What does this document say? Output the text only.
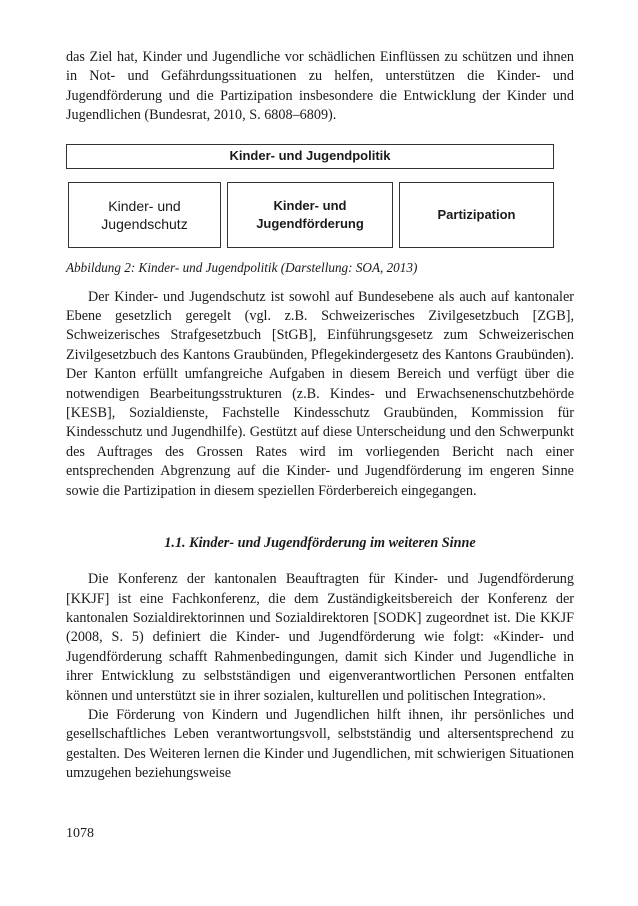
das Ziel hat, Kinder und Jugendliche vor schädlichen Einflüssen zu schützen und ihnen in Not- und Gefährdungssituationen zu helfen, unterstützen die Kinder- und Jugendförderung und die Partizipation insbesondere die Entwicklung der Kinder und Jugendlichen (Bundesrat, 2010, S. 6808–6809).

Kinder- und Jugendpolitik
Kinder- und
Jugendschutz
Kinder- und
Jugendförderung
Partizipation

Abbildung 2: Kinder- und Jugendpolitik (Darstellung: SOA, 2013)

Der Kinder- und Jugendschutz ist sowohl auf Bundesebene als auch auf kantonaler Ebene gesetzlich geregelt (vgl. z.B. Schweizerisches Zivilgesetzbuch [ZGB], Schweizerisches Strafgesetzbuch [StGB], Einführungsgesetz zum Schweizerischen Zivilgesetzbuch des Kantons Graubünden, Pflegekindergesetz des Kantons Graubünden). Der Kanton erfüllt umfangreiche Aufgaben in diesem Bereich und verfügt über die notwendigen Bearbeitungsstrukturen (z.B. Kindes- und Erwachsenenschutzbehörde [KESB], Sozialdienste, Fachstelle Kindesschutz Graubünden, Kommission für Kindesschutz und Jugendhilfe). Gestützt auf diese Unterscheidung und den Schwerpunkt des Auftrages des Grossen Rates wird im vorliegenden Bericht nach einer entsprechenden Abgrenzung auf die Kinder- und Jugendförderung im engeren Sinne sowie die Partizipation in diesem speziellen Förderbereich eingegangen.

1.1. Kinder- und Jugendförderung im weiteren Sinne

Die Konferenz der kantonalen Beauftragten für Kinder- und Jugendförderung [KKJF] ist eine Fachkonferenz, die dem Zuständigkeitsbereich der Konferenz der kantonalen Sozialdirektorinnen und Sozialdirektoren [SODK] zugeordnet ist. Die KKJF (2008, S. 5) definiert die Kinder- und Jugendförderung wie folgt: «Kinder- und Jugendförderung schafft Rahmenbedingungen, damit sich Kinder und Jugendliche in ihrer Entwicklung zu selbstständigen und eigenverantwortlichen Personen entfalten können und unterstützt sie in ihrer sozialen, kulturellen und politischen Integration».

Die Förderung von Kindern und Jugendlichen hilft ihnen, ihr persönliches und gesellschaftliches Leben verantwortungsvoll, selbstständig und altersentsprechend zu gestalten. Des Weiteren lernen die Kinder und Jugendlichen, mit schwierigen Situationen umzugehen beziehungsweise

1078
